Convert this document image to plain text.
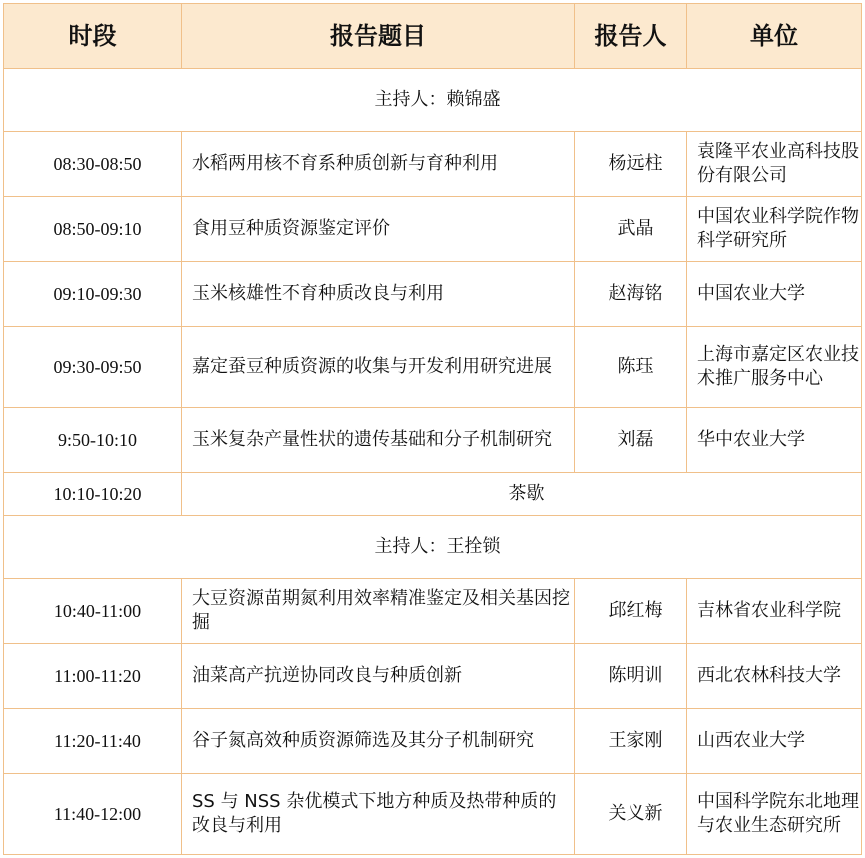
时段	报告题目	报告人	单位
主持人：赖锦盛			
08:30-08:50	水稻两用核不育系种质创新与育种利用	杨远柱	袁隆平农业高科技股份有限公司
08:50-09:10	食用豆种质资源鉴定评价	武晶	中国农业科学院作物科学研究所
09:10-09:30	玉米核雄性不育种质改良与利用	赵海铭	中国农业大学
09:30-09:50	嘉定蚕豆种质资源的收集与开发利用研究进展	陈珏	上海市嘉定区农业技术推广服务中心
9:50-10:10	玉米复杂产量性状的遗传基础和分子机制研究	刘磊	华中农业大学
10:10-10:20	茶歇		
主持人：王拴锁			
10:40-11:00	大豆资源苗期氮利用效率精准鉴定及相关基因挖掘	邱红梅	吉林省农业科学院
11:00-11:20	油菜高产抗逆协同改良与种质创新	陈明训	西北农林科技大学
11:20-11:40	谷子氮高效种质资源筛选及其分子机制研究	王家刚	山西农业大学
11:40-12:00	SS 与 NSS 杂优模式下地方种质及热带种质的改良与利用	关义新	中国科学院东北地理与农业生态研究所
